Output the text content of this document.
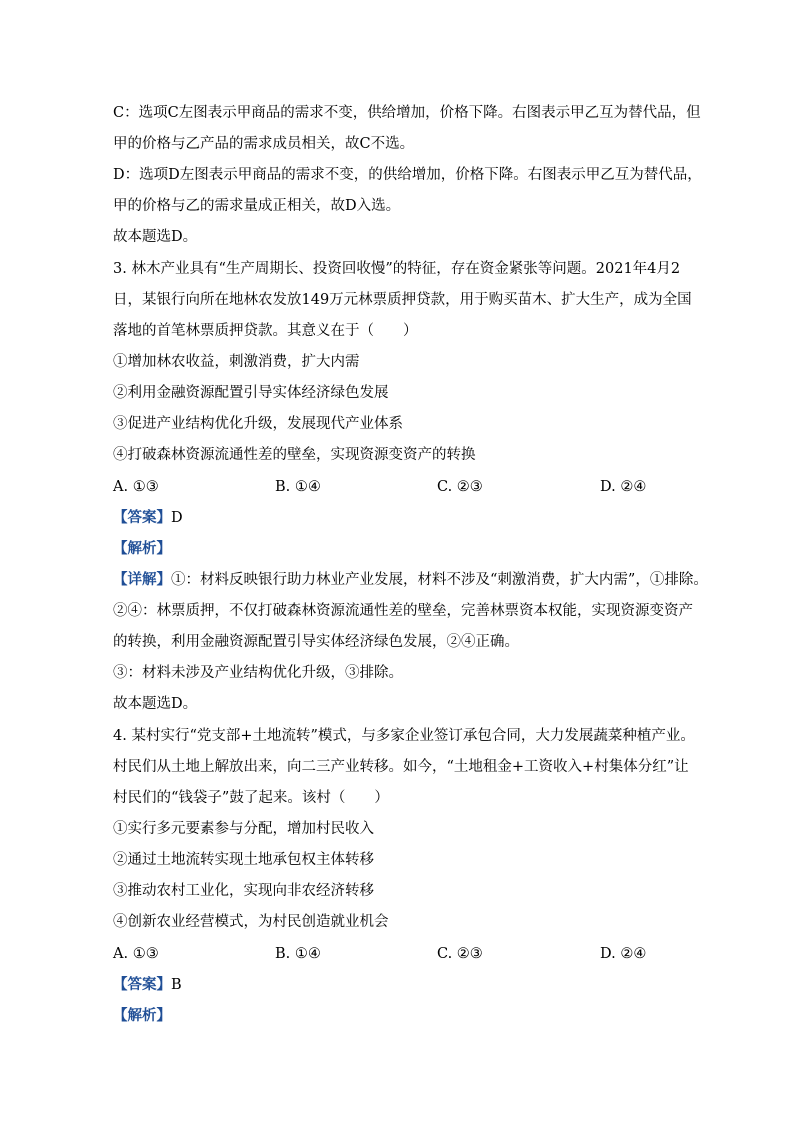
C：选项C左图表示甲商品的需求不变，供给增加，价格下降。右图表示甲乙互为替代品，但
甲的价格与乙产品的需求成员相关，故C不选。
D：选项D左图表示甲商品的需求不变，的供给增加，价格下降。右图表示甲乙互为替代品，
甲的价格与乙的需求量成正相关，故D入选。
故本题选D。
3. 林木产业具有“生产周期长、投资回收慢”的特征，存在资金紧张等问题。2021年4月2
日，某银行向所在地林农发放149万元林票质押贷款，用于购买苗木、扩大生产，成为全国
落地的首笔林票质押贷款。其意义在于（　　）
①增加林农收益，刺激消费，扩大内需
②利用金融资源配置引导实体经济绿色发展
③促进产业结构优化升级，发展现代产业体系
④打破森林资源流通性差的壁垒，实现资源变资产的转换
A. ①③	B. ①④	C. ②③	D. ②④
【答案】D
【解析】
【详解】①：材料反映银行助力林业产业发展，材料不涉及“刺激消费，扩大内需”，①排除。
②④：林票质押，不仅打破森林资源流通性差的壁垒，完善林票资本权能，实现资源变资产
的转换，利用金融资源配置引导实体经济绿色发展，②④正确。
③：材料未涉及产业结构优化升级，③排除。
故本题选D。
4. 某村实行“党支部+土地流转”模式，与多家企业签订承包合同，大力发展蔬菜种植产业。
村民们从土地上解放出来，向二三产业转移。如今，“土地租金+工资收入+村集体分红”让
村民们的“钱袋子”鼓了起来。该村（　　）
①实行多元要素参与分配，增加村民收入
②通过土地流转实现土地承包权主体转移
③推动农村工业化，实现向非农经济转移
④创新农业经营模式，为村民创造就业机会
A. ①③	B. ①④	C. ②③	D. ②④
【答案】B
【解析】
